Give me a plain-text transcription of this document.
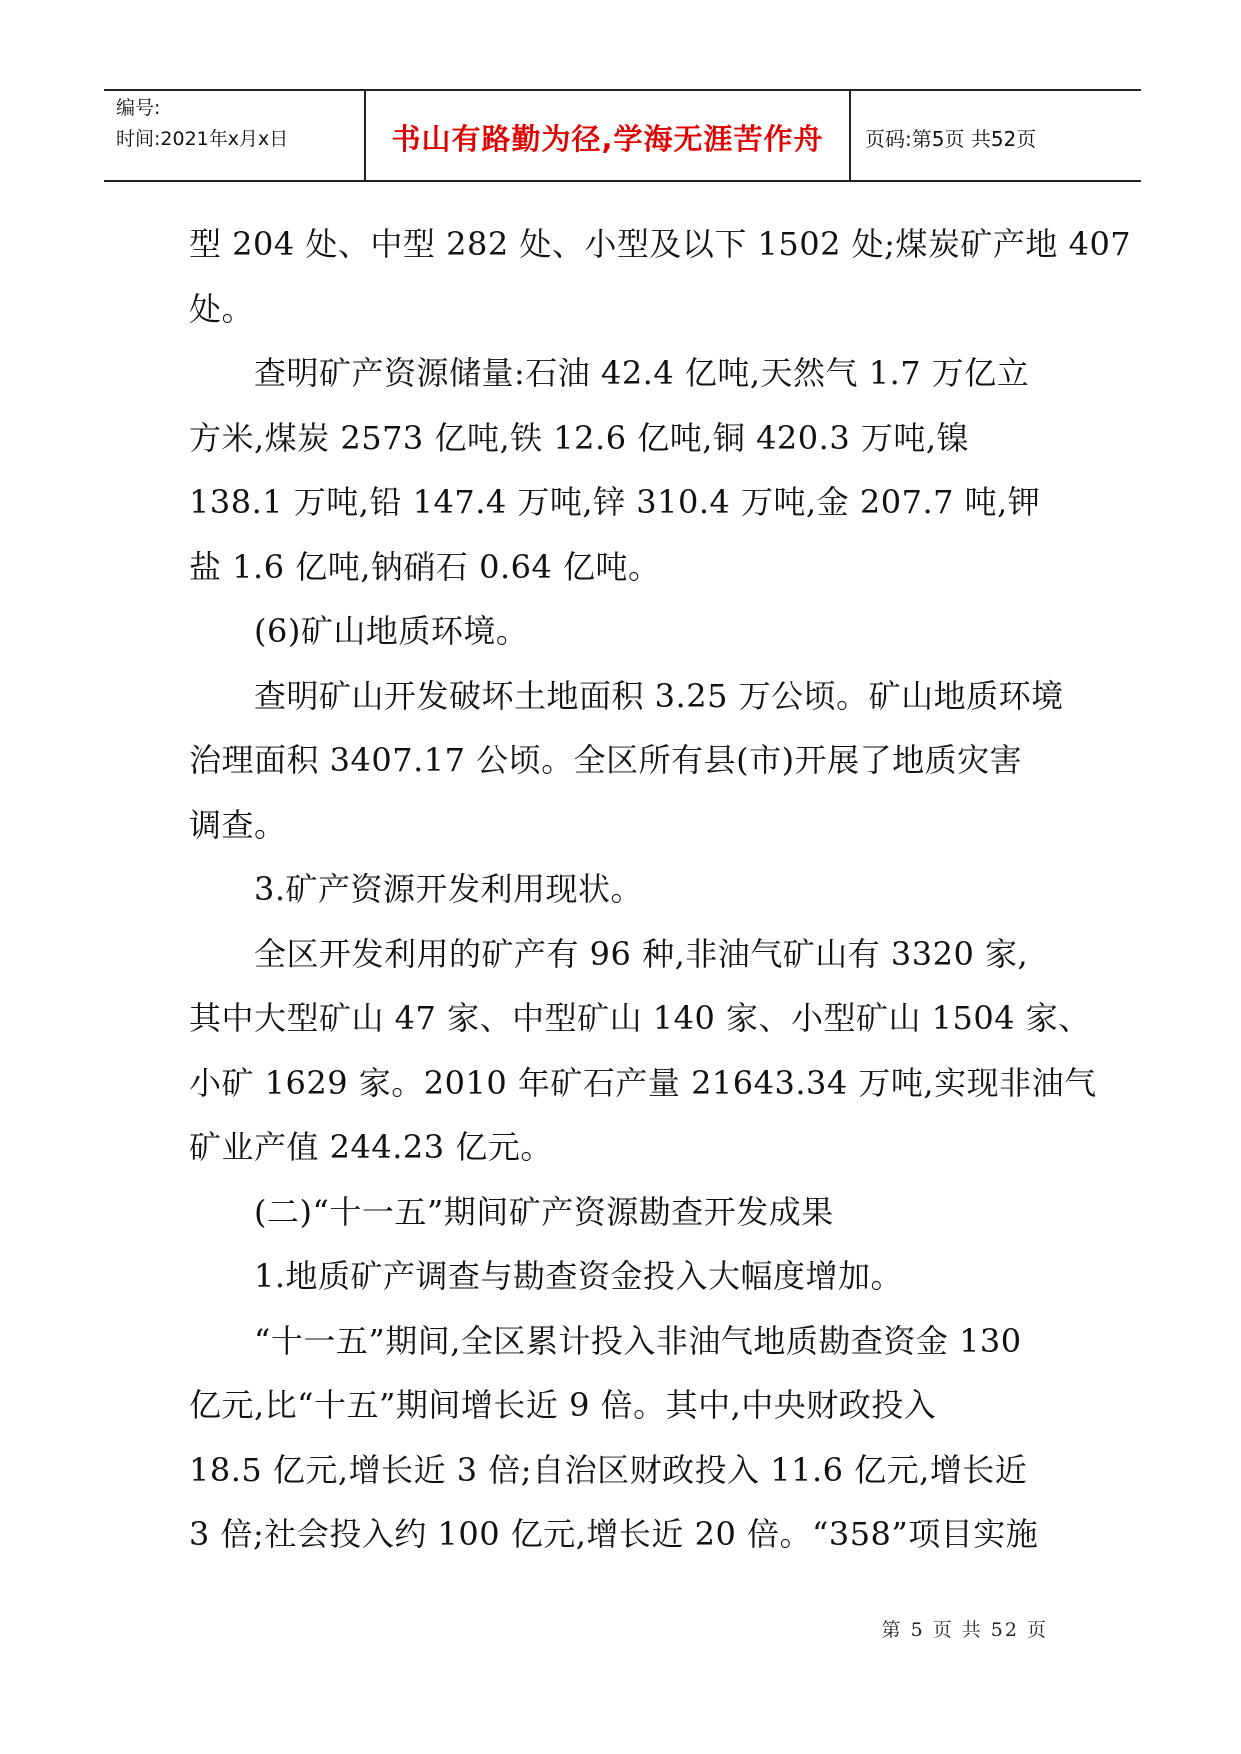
编号:
时间:2021年x月x日	书山有路勤为径,学海无涯苦作舟	页码:第5页 共52页
型 204 处、中型 282 处、小型及以下 1502 处;煤炭矿产地 407
处。
　　查明矿产资源储量:石油 42.4 亿吨,天然气 1.7 万亿立
方米,煤炭 2573 亿吨,铁 12.6 亿吨,铜 420.3 万吨,镍
138.1 万吨,铅 147.4 万吨,锌 310.4 万吨,金 207.7 吨,钾
盐 1.6 亿吨,钠硝石 0.64 亿吨。
　　(6)矿山地质环境。
　　查明矿山开发破坏土地面积 3.25 万公顷。矿山地质环境
治理面积 3407.17 公顷。全区所有县(市)开展了地质灾害
调查。
　　3.矿产资源开发利用现状。
　　全区开发利用的矿产有 96 种,非油气矿山有 3320 家,
其中大型矿山 47 家、中型矿山 140 家、小型矿山 1504 家、
小矿 1629 家。2010 年矿石产量 21643.34 万吨,实现非油气
矿业产值 244.23 亿元。
　　(二)“十一五”期间矿产资源勘查开发成果
　　1.地质矿产调查与勘查资金投入大幅度增加。
　　“十一五”期间,全区累计投入非油气地质勘查资金 130
亿元,比“十五”期间增长近 9 倍。其中,中央财政投入
18.5 亿元,增长近 3 倍;自治区财政投入 11.6 亿元,增长近
3 倍;社会投入约 100 亿元,增长近 20 倍。“358”项目实施
第 5 页 共 52 页
